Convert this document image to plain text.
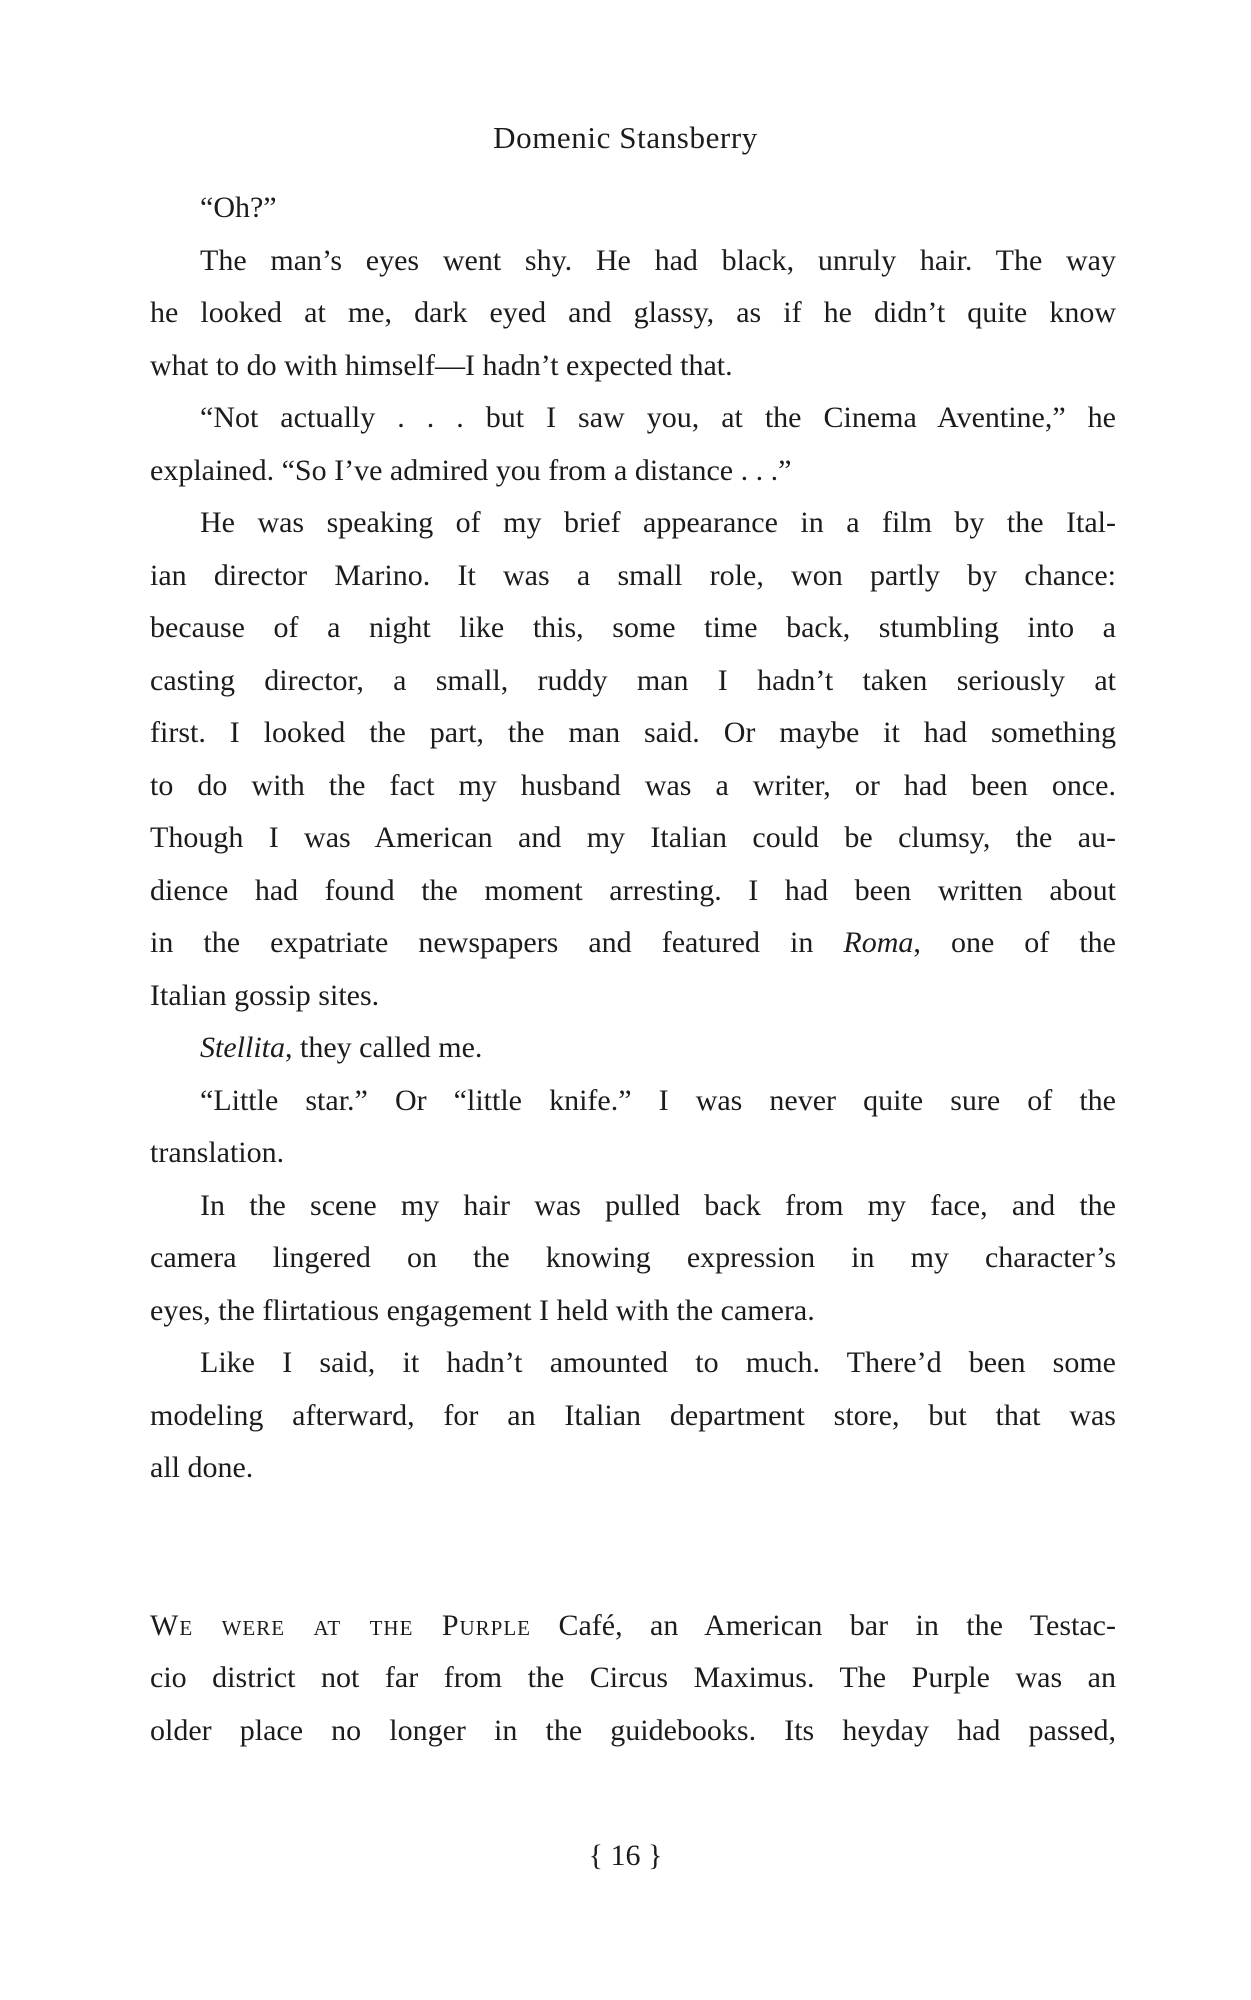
Domenic Stansberry

“Oh?”

The man’s eyes went shy. He had black, unruly hair. The way
he looked at me, dark eyed and glassy, as if he didn’t quite know
what to do with himself—I hadn’t expected that.

“Not actually . . . but I saw you, at the Cinema Aventine,” he
explained. “So I’ve admired you from a distance . . .”

He was speaking of my brief appearance in a film by the Ital-
ian director Marino. It was a small role, won partly by chance:
because of a night like this, some time back, stumbling into a
casting director, a small, ruddy man I hadn’t taken seriously at
first. I looked the part, the man said. Or maybe it had something
to do with the fact my husband was a writer, or had been once.
Though I was American and my Italian could be clumsy, the au-
dience had found the moment arresting. I had been written about
in the expatriate newspapers and featured in Roma, one of the
Italian gossip sites.

Stellita, they called me.

“Little star.” Or “little knife.” I was never quite sure of the
translation.

In the scene my hair was pulled back from my face, and the
camera lingered on the knowing expression in my character’s
eyes, the flirtatious engagement I held with the camera.

Like I said, it hadn’t amounted to much. There’d been some
modeling afterward, for an Italian department store, but that was
all done.

We were at the Purple Café, an American bar in the Testac-
cio district not far from the Circus Maximus. The Purple was an
older place no longer in the guidebooks. Its heyday had passed,

{ 16 }
